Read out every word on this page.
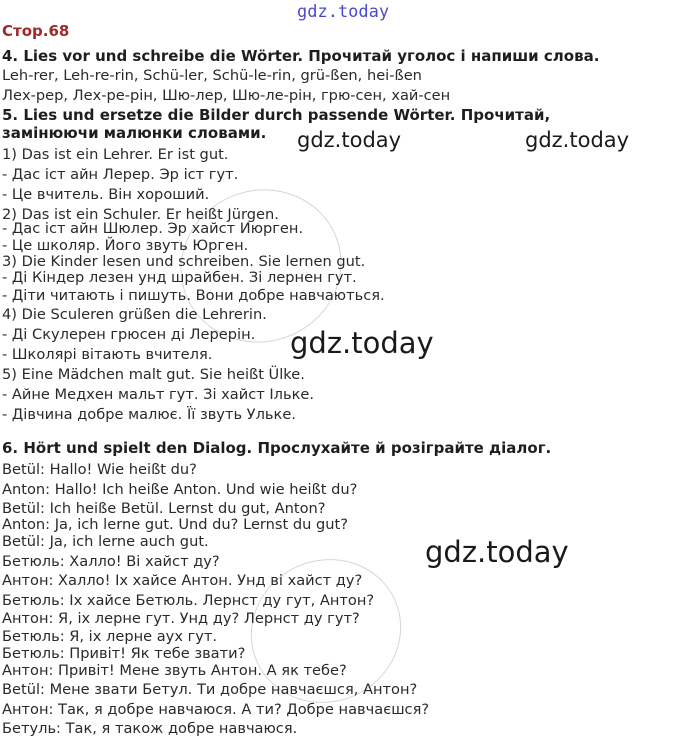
gdz.today
Стор.68
4. Lies vor und schreibe die Wörter. Прочитай уголос і напиши слова.
Leh-rer, Leh-re-rin, Schü-ler, Schü-le-rin, grü-ßen, hei-ßen
Лех-рер, Лех-ре-рін, Шю-лер, Шю-ле-рін, грю-сен, хай-сен
5. Lies und ersetze die Bilder durch passende Wörter. Прочитай,
замінюючи малюнки словами.
1) Das ist ein Lehrer. Er ist gut.
- Дас іст айн Лерер. Эр іст гут.
- Це вчитель. Він хороший.
2) Das ist ein Schuler. Er heißt Jürgen.
- Дас іст айн Шюлер. Эр хайст Июрген.
- Це школяр. Його звуть Юрген.
3) Die Kinder lesen und schreiben. Sie lernen gut.
- Ді Кіндер лезен унд шрайбен. Зі лернен гут.
- Діти читають і пишуть. Вони добре навчаються.
4) Die Sculeren grüßen die Lehrerin.
- Ді Скулерен грюсен ді Лерерін.
- Школярі вітають вчителя.
5) Eine Mädchen malt gut. Sie heißt Ülke.
- Айне Медхен мальт гут. Зі хайст Ількe.
- Дівчина добре малює. Її звуть Ульке.
6. Hört und spielt den Dialog. Прослухайте й розіграйте діалог.
Betül: Hallo! Wie heißt du?
Anton: Hallo! Ich heiße Anton. Und wie heißt du?
Betül: Ich heiße Betül. Lernst du gut, Anton?
Anton: Ja, ich lerne gut. Und du? Lernst du gut?
Betül: Ja, ich lerne auch gut.
Бетюль: Халло! Ві хайст ду?
Антон: Халло! Іх хайсе Антон. Унд ві хайст ду?
Бетюль: Іх хайсе Бетюль. Лернст ду гут, Антон?
Антон: Я, іх лерне гут. Унд ду? Лернст ду гут?
Бетюль: Я, іх лерне аух гут.
Бетюль: Привіт! Як тебе звати?
Антон: Привіт! Мене звуть Антон. А як тебе?
Betül: Мене звати Бетул. Ти добре навчаєшся, Антон?
Антон: Так, я добре навчаюся. А ти? Добре навчаєшся?
Бетуль: Так, я також добре навчаюся.
gdz.today	gdz.today
gdz.today
gdz.today
